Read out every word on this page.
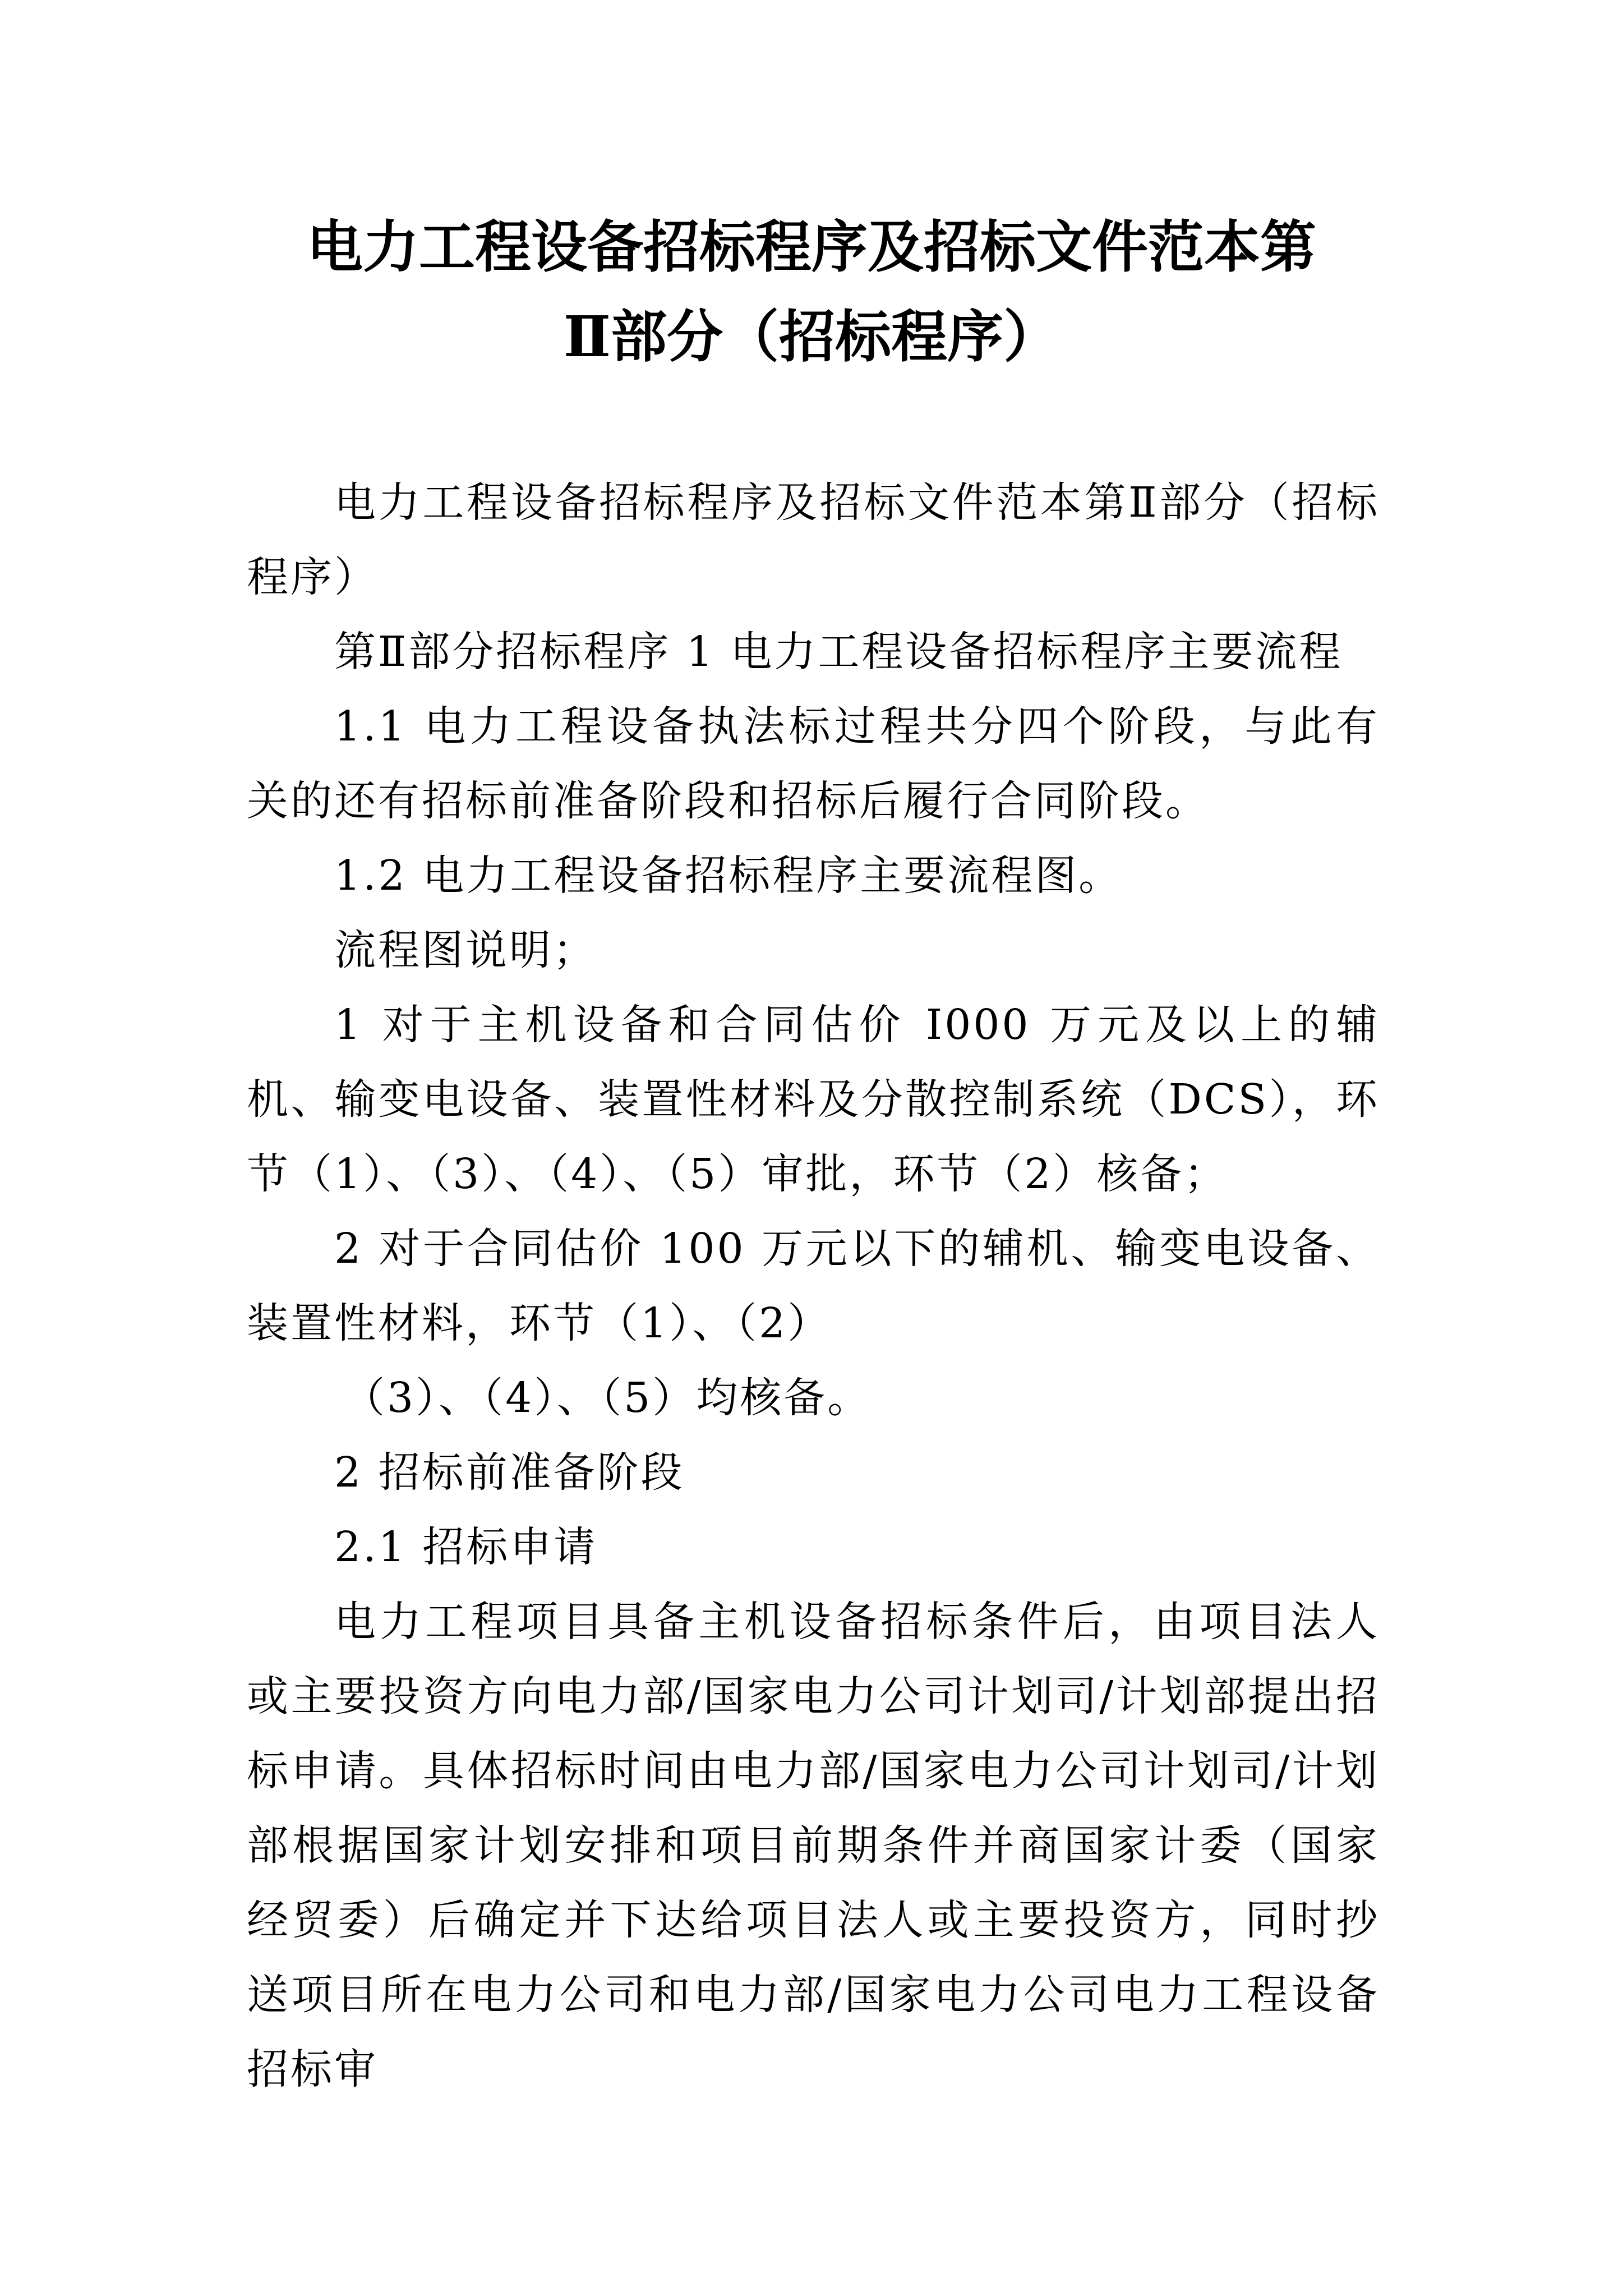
电力工程设备招标程序及招标文件范本第
Ⅱ部分（招标程序）

电力工程设备招标程序及招标文件范本第Ⅱ部分（招标程序）

第Ⅱ部分招标程序 1 电力工程设备招标程序主要流程

1.1 电力工程设备执法标过程共分四个阶段，与此有关的还有招标前准备阶段和招标后履行合同阶段。

1.2 电力工程设备招标程序主要流程图。

流程图说明；

1 对于主机设备和合同估价 I000 万元及以上的辅机、输变电设备、装置性材料及分散控制系统（DCS），环节（1）、（3）、（4）、（5）审批，环节（2）核备；

2 对于合同估价 100 万元以下的辅机、输变电设备、装置性材料，环节（1）、（2）

（3）、（4）、（5）均核备。

2 招标前准备阶段

2.1 招标申请

电力工程项目具备主机设备招标条件后，由项目法人或主要投资方向电力部/国家电力公司计划司/计划部提出招标申请。具体招标时间由电力部/国家电力公司计划司/计划部根据国家计划安排和项目前期条件并商国家计委（国家经贸委）后确定并下达给项目法人或主要投资方，同时抄送项目所在电力公司和电力部/国家电力公司电力工程设备招标审
